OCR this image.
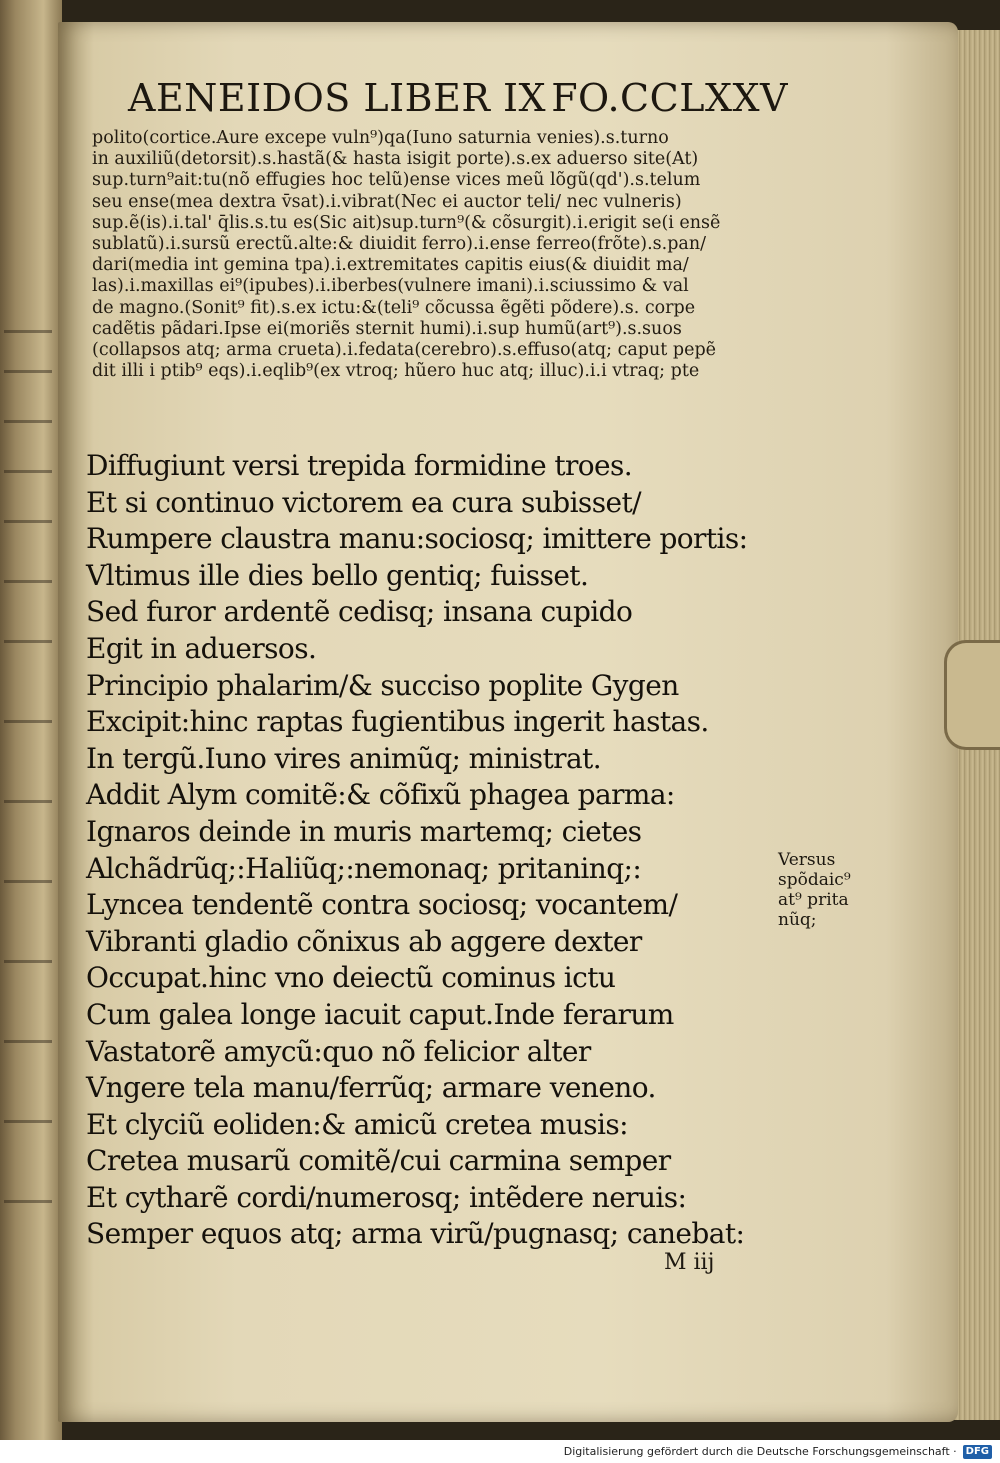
AENEIDOS LIBER IX FO.CCLXXV
polito(cortice.Aure excepe vuln⁹)qa(Iuno saturnia venies).s.turno
in auxiliũ(detorsit).s.hastã(& hasta isigit porte).s.ex aduerso site(At)
sup.turn⁹ait:tu(nõ effugies hoc telũ)ense vices meũ lõgũ(qd').s.telum
seu ense(mea dextra v̄sat).i.vibrat(Nec ei auctor teli/ nec vulneris)
sup.ẽ(is).i.tal' q̄lis.s.tu es(Sic ait)sup.turn⁹(& cõsurgit).i.erigit se(i ensẽ
sublatũ).i.sursũ erectũ.alte:& diuidit ferro).i.ense ferreo(frõte).s.pan/
dari(media int gemina tpa).i.extremitates capitis eius(& diuidit ma/
las).i.maxillas ei⁹(ipubes).i.iberbes(vulnere imani).i.sciussimo & val
de magno.(Sonit⁹ fit).s.ex ictu:&(teli⁹ cõcussa ẽgẽti põdere).s. corpe
cadẽtis pãdari.Ipse ei(moriẽs sternit humi).i.sup humũ(art⁹).s.suos
(collapsos atq; arma crueta).i.fedata(cerebro).s.effuso(atq; caput pepẽ
dit illi i ptib⁹ eqs).i.eqlib⁹(ex vtroq; hũero huc atq; illuc).i.i vtraq; pte
Diffugiunt versi trepida formidine troes.
Et si continuo victorem ea cura subisset/
Rumpere claustra manu:sociosq; imittere portis:
Vltimus ille dies bello gentiq; fuisset.
Sed furor ardentẽ cedisq; insana cupido
Egit in aduersos.
Principio phalarim/& succiso poplite Gygen
Excipit:hinc raptas fugientibus ingerit hastas.
In tergũ.Iuno vires animũq; ministrat.
Addit Alym comitẽ:& cõfixũ phagea parma:
Ignaros deinde in muris martemq; cietes
Alchãdrũq;:Haliũq;:nemonaq; pritaninq;:
Lyncea tendentẽ contra sociosq; vocantem/
Vibranti gladio cõnixus ab aggere dexter
Occupat.hinc vno deiectũ cominus ictu
Cum galea longe iacuit caput.Inde ferarum
Vastatorẽ amycũ:quo nõ felicior alter
Vngere tela manu/ferrũq; armare veneno.
Et clyciũ eoliden:& amicũ cretea musis:
Cretea musarũ comitẽ/cui carmina semper
Et cytharẽ cordi/numerosq; intẽdere neruis:
Semper equos atq; arma virũ/pugnasq; canebat:
Versus
spõdaic⁹
at⁹ prita
nũq;
M iij
Digitalisierung gefördert durch die Deutsche Forschungsgemeinschaft · DFG
